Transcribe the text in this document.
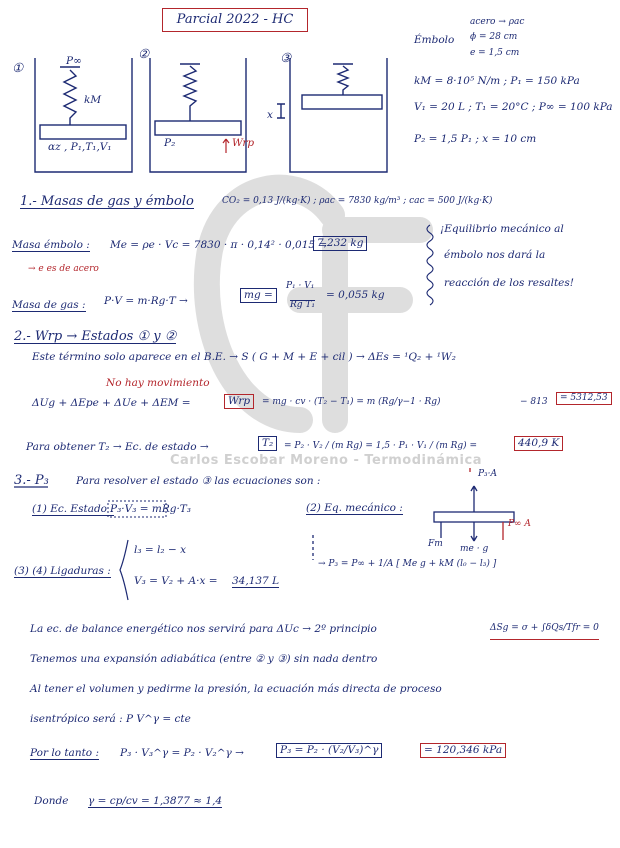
Carlos Escobar Moreno - Termodinámica
Parcial 2022 - HC
①
②	③
P∞
kM
αz , P₁,T₁,V₁	P₂	Wrp
x
Émbolo
acero → ρac
ϕ = 28 cm
e = 1,5 cm
kM = 8·10⁵ N/m ; P₁ = 150 kPa
V₁ = 20 L ; T₁ = 20°C ; P∞ = 100 kPa
P₂ = 1,5 P₁ ; x = 10 cm
1.- Masas de gas y émbolo	CO₂ = 0,13 J/(kg·K) ; ρac = 7830 kg/m³ ; cac = 500 J/(kg·K)
Masa émbolo : Me = ρe · Vc = 7830 · π · 0,14² · 0,015 =
7,232 kg
→ e es de acero
Masa de gas : P·V = m·Rg·T →	mg =
P₁ · V₁
Rg T₁
= 0,055 kg
¡Equilibrio mecánico al
émbolo nos dará la
reacción de los resaltes!
2.- Wrp → Estados ① y ②
Este término solo aparece en el B.E. → S ( G + M + E + cil ) → ΔEs = ¹Q₂ + ¹W₂
No hay movimiento
ΔUg + ΔEpe + ΔUe + ΔEM =	Wrp	= mg · cv · (T₂ − T₁) = m (Rg/γ−1 · Rg)	− 813	= 5312,53
Para obtener T₂ → Ec. de estado →	T₂	= P₂ · V₂ / (m Rg) = 1,5 · P₁ · V₁ / (m Rg) =	440,9 K
3.- P₃	Para resolver el estado ③ las ecuaciones son :
(1) Ec. Estado :
P₃·V₃ = mRg·T₃	(2) Eq. mecánico :
P₃·A
me · g
Fm
P∞ A
→ P₃ = P∞ + 1/A [ Me g + kM (l₀ − l₃) ]
(3) (4) Ligaduras :
l₃ = l₂ − x
V₃ = V₂ + A·x = 34,137 L
La ec. de balance energético nos servirá para ΔUc → 2º principio	ΔSg = σ + ∫δQs/Tfr = 0
Tenemos una expansión adiabática (entre ② y ③) sin nada dentro
Al tener el volumen y pedirme la presión, la ecuación más directa de proceso
isentrópico será : P V^γ = cte
Por lo tanto : P₃ · V₃^γ = P₂ · V₂^γ →	P₃ = P₂ · (V₂/V₃)^γ	= 120,346 kPa
Donde γ = cp/cv = 1,3877 ≈ 1,4
